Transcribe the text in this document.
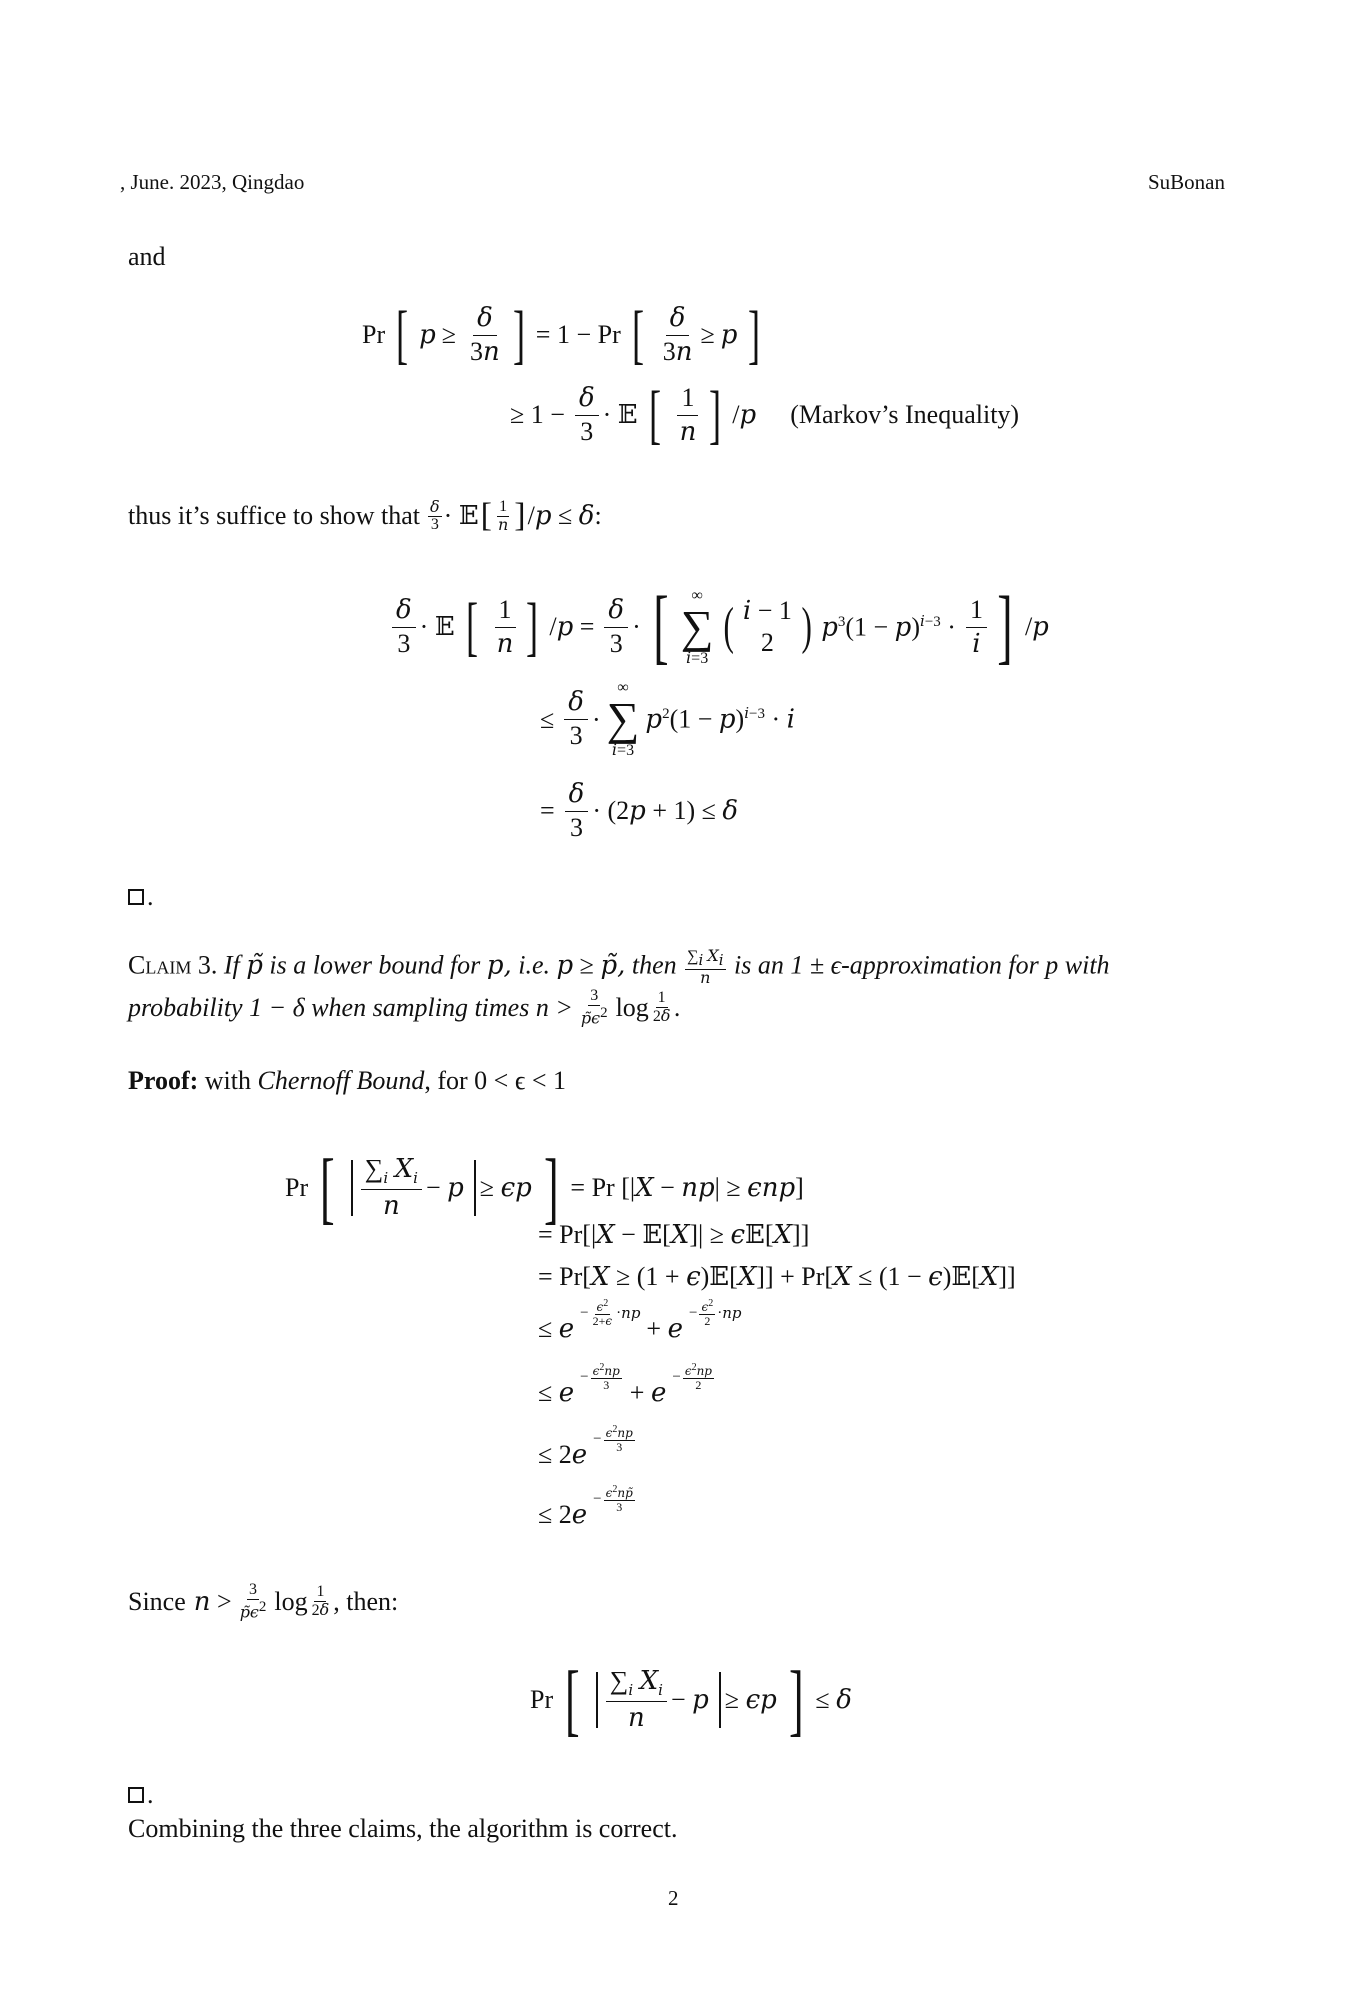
, June. 2023, Qingdao	SuBonan
and
Pr [ $p \ge \frac{\delta}{3n}$ ] = 1 − Pr [ $\frac{\delta}{3n} \ge p$ ]
≥ $1 - \frac{\delta}{3}$ · 𝔼 [ $\frac{1}{n}$ ] /p (Markov’s Inequality)
thus it’s suffice to show that $\frac{\delta}{3}$ · 𝔼 [ $\frac{1}{n}$ ] /p ≤ δ:
$\frac{\delta}{3}$ · 𝔼 [ $\frac{1}{n}$ ] $/p = \frac{\delta}{3}$ · [ ∞
∑
i=3
( i − 1
2 ) $p^3(1 - p)^{i-3} \cdot \frac{1}{i}$ ] /p
≤ $\frac{\delta}{3}$ ·
∞
∑
i=3
$p^2(1 - p)^{i-3} \cdot i$
= $\frac{\delta}{3} \cdot (2p + 1) \le \delta$
.
Claim 3. If p̃ is a lower bound for p, i.e. p ≥ p̃, then $\frac{\sum_i X_i}{n}$ is an 1 ± ϵ-approximation for p with
probability 1 − δ when sampling times $n > \frac{3}{p̃\epsilon^2}$ $\log \frac{1}{2\delta}$ .
Proof: with Chernoff Bound, for 0 < ϵ < 1
Pr [ $\frac{\sum_i X_i}{n} - p \ge \epsilon p$ ] = Pr [|X − np| ≥ ϵnp]
= Pr[|X − 𝔼[X]| ≥ ϵ𝔼[X]]
= Pr[X ≥ (1 + ϵ)𝔼[X]] + Pr[X ≤ (1 − ϵ)𝔼[X]]
≤ e
− $\frac{\epsilon^2}{2+\epsilon}$ · np
+ e
− $\frac{\epsilon^2}{2}$ · np
≤ e
− $\frac{\epsilon^2np}{3}$
+ e
− $\frac{\epsilon^2np}{2}$
≤ 2e
− $\frac{\epsilon^2np}{3}$
≤ 2e
− $\frac{\epsilon^2np̃}{3}$
Since $n > \frac{3}{p̃\epsilon^2}$ $\log \frac{1}{2\delta}$ , then:
Pr [ $\frac{\sum_i X_i}{n} - p \ge \epsilon p$ ] ≤ δ
.
Combining the three claims, the algorithm is correct.
2
